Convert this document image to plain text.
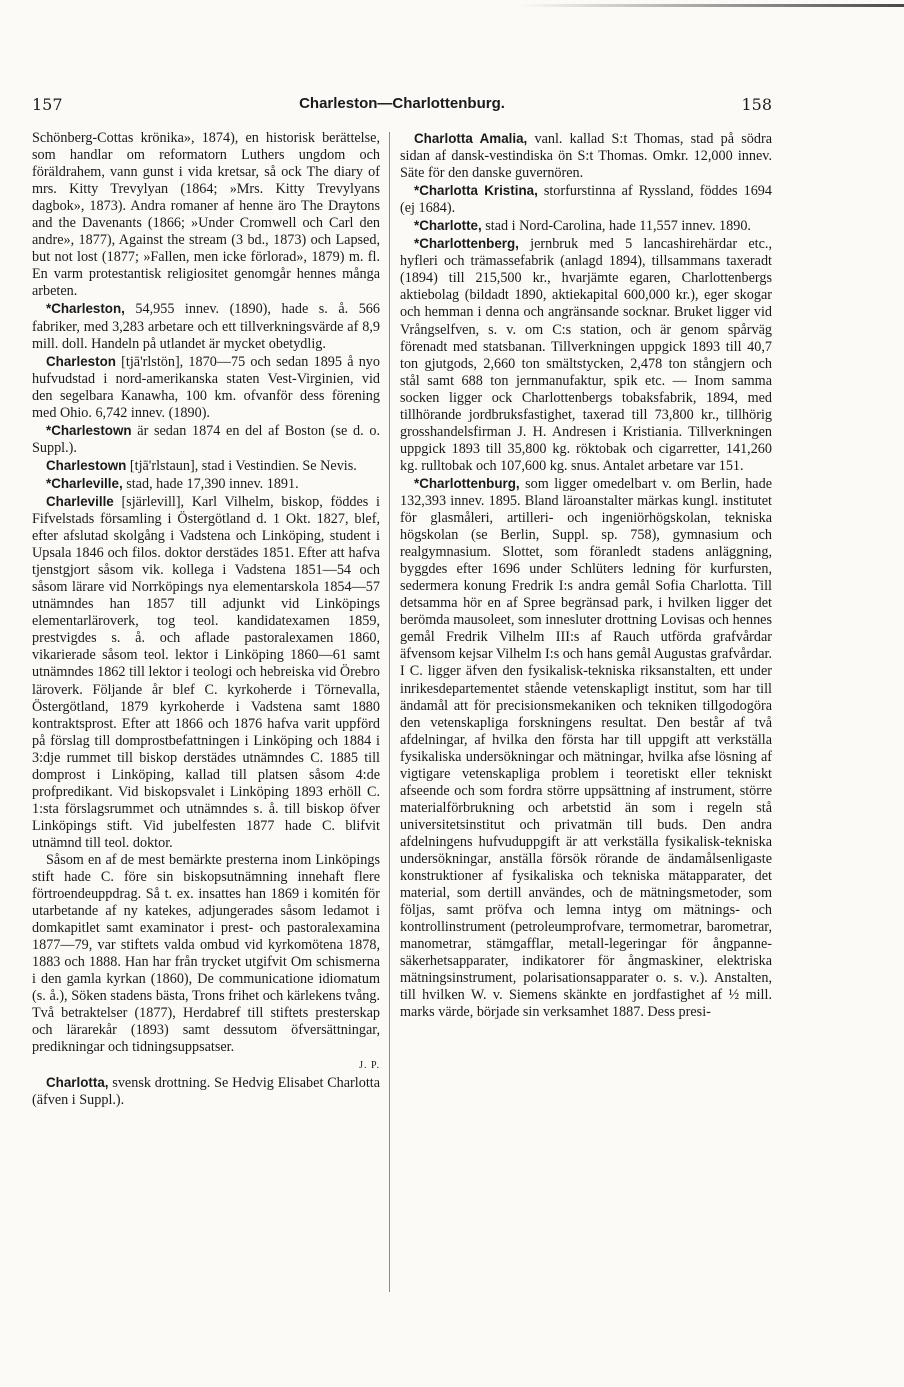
157	Charleston—Charlottenburg.	158

Schönberg-Cottas krönika», 1874), en historisk berättelse, som handlar om reformatorn Luthers ungdom och föräldrahem, vann gunst i vida kretsar, så ock The diary of mrs. Kitty Trevylyan (1864; »Mrs. Kitty Trevylyans dagbok», 1873). Andra romaner af henne äro The Draytons and the Davenants (1866; »Under Cromwell och Carl den andre», 1877), Against the stream (3 bd., 1873) och Lapsed, but not lost (1877; »Fallen, men icke förlorad», 1879) m. fl. En varm protestantisk religiositet genomgår hennes många arbeten.

*Charleston, 54,955 innev. (1890), hade s. å. 566 fabriker, med 3,283 arbetare och ett tillverkningsvärde af 8,9 mill. doll. Handeln på utlandet är mycket obetydlig.

Charleston [tjā'rlstön], 1870—75 och sedan 1895 å nyo hufvudstad i nord-amerikanska staten Vest-Virginien, vid den segelbara Kanawha, 100 km. ofvanför dess förening med Ohio. 6,742 innev. (1890).

*Charlestown är sedan 1874 en del af Boston (se d. o. Suppl.).

Charlestown [tjā'rlstaun], stad i Vestindien. Se Nevis.

*Charleville, stad, hade 17,390 innev. 1891.

Charleville [sjärlevill], Karl Vilhelm, biskop, föddes i Fifvelstads församling i Östergötland d. 1 Okt. 1827, blef, efter afslutad skolgång i Vadstena och Linköping, student i Upsala 1846 och filos. doktor derstädes 1851. Efter att hafva tjenstgjort såsom vik. kollega i Vadstena 1851—54 och såsom lärare vid Norrköpings nya elementarskola 1854—57 utnämndes han 1857 till adjunkt vid Linköpings elementarläroverk, tog teol. kandidatexamen 1859, prestvigdes s. å. och aflade pastoralexamen 1860, vikarierade såsom teol. lektor i Linköping 1860—61 samt utnämndes 1862 till lektor i teologi och hebreiska vid Örebro läroverk. Följande år blef C. kyrkoherde i Törnevalla, Östergötland, 1879 kyrkoherde i Vadstena samt 1880 kontraktsprost. Efter att 1866 och 1876 hafva varit uppförd på förslag till domprostbefattningen i Linköping och 1884 i 3:dje rummet till biskop derstädes utnämndes C. 1885 till domprost i Linköping, kallad till platsen såsom 4:de profpredikant. Vid biskopsvalet i Linköping 1893 erhöll C. 1:sta förslagsrummet och utnämndes s. å. till biskop öfver Linköpings stift. Vid jubelfesten 1877 hade C. blifvit utnämnd till teol. doktor.

Såsom en af de mest bemärkte presterna inom Linköpings stift hade C. före sin biskopsutnämning innehaft flere förtroendeuppdrag. Så t. ex. insattes han 1869 i komitén för utarbetande af ny katekes, adjungerades såsom ledamot i domkapitlet samt examinator i prest- och pastoralexamina 1877—79, var stiftets valda ombud vid kyrkomötena 1878, 1883 och 1888. Han har från trycket utgifvit Om schismerna i den gamla kyrkan (1860), De communicatione idiomatum (s. å.), Söken stadens bästa, Trons frihet och kärlekens tvång. Två betraktelser (1877), Herdabref till stiftets presterskap och lärarekår (1893) samt dessutom öfversättningar, predikningar och tidningsuppsatser.
J. P.

Charlotta, svensk drottning. Se Hedvig Elisabet Charlotta (äfven i Suppl.).

Charlotta Amalia, vanl. kallad S:t Thomas, stad på södra sidan af dansk-vestindiska ön S:t Thomas. Omkr. 12,000 innev. Säte för den danske guvernören.

*Charlotta Kristina, storfurstinna af Ryssland, föddes 1694 (ej 1684).

*Charlotte, stad i Nord-Carolina, hade 11,557 innev. 1890.

*Charlottenberg, jernbruk med 5 lancashirehärdar etc., hyfleri och trämassefabrik (anlagd 1894), tillsammans taxeradt (1894) till 215,500 kr., hvarjämte egaren, Charlottenbergs aktiebolag (bildadt 1890, aktiekapital 600,000 kr.), eger skogar och hemman i denna och angränsande socknar. Bruket ligger vid Vrångselfven, s. v. om C:s station, och är genom spårväg förenadt med statsbanan. Tillverkningen uppgick 1893 till 40,7 ton gjutgods, 2,660 ton smältstycken, 2,478 ton stångjern och stål samt 688 ton jernmanufaktur, spik etc. — Inom samma socken ligger ock Charlottenbergs tobaksfabrik, 1894, med tillhörande jordbruksfastighet, taxerad till 73,800 kr., tillhörig grosshandelsfirman J. H. Andresen i Kristiania. Tillverkningen uppgick 1893 till 35,800 kg. röktobak och cigarretter, 141,260 kg. rulltobak och 107,600 kg. snus. Antalet arbetare var 151.

*Charlottenburg, som ligger omedelbart v. om Berlin, hade 132,393 innev. 1895. Bland läroanstalter märkas kungl. institutet för glasmåleri, artilleri- och ingeniörhögskolan, tekniska högskolan (se Berlin, Suppl. sp. 758), gymnasium och realgymnasium. Slottet, som föranledt stadens anläggning, byggdes efter 1696 under Schlüters ledning för kurfursten, sedermera konung Fredrik I:s andra gemål Sofia Charlotta. Till detsamma hör en af Spree begränsad park, i hvilken ligger det berömda mausoleet, som innesluter drottning Lovisas och hennes gemål Fredrik Vilhelm III:s af Rauch utförda grafvårdar äfvensom kejsar Vilhelm I:s och hans gemål Augustas grafvårdar. I C. ligger äfven den fysikalisk-tekniska riksanstalten, ett under inrikesdepartementet stående vetenskapligt institut, som har till ändamål att för precisionsmekaniken och tekniken tillgodogöra den vetenskapliga forskningens resultat. Den består af två afdelningar, af hvilka den första har till uppgift att verkställa fysikaliska undersökningar och mätningar, hvilka afse lösning af vigtigare vetenskapliga problem i teoretiskt eller tekniskt afseende och som fordra större uppsättning af instrument, större materialförbrukning och arbetstid än som i regeln stå universitetsinstitut och privatmän till buds. Den andra afdelningens hufvuduppgift är att verkställa fysikalisk-tekniska undersökningar, anställa försök rörande de ändamålsenligaste konstruktioner af fysikaliska och tekniska mätapparater, det material, som dertill användes, och de mätningsmetoder, som följas, samt pröfva och lemna intyg om mätnings- och kontrollinstrument (petroleumprofvare, termometrar, barometrar, manometrar, stämgafflar, metall-legeringar för ångpanne-säkerhetsapparater, indikatorer för ångmaskiner, elektriska mätningsinstrument, polarisationsapparater o. s. v.). Anstalten, till hvilken W. v. Siemens skänkte en jordfastighet af ½ mill. marks värde, började sin verksamhet 1887. Dess presi-
